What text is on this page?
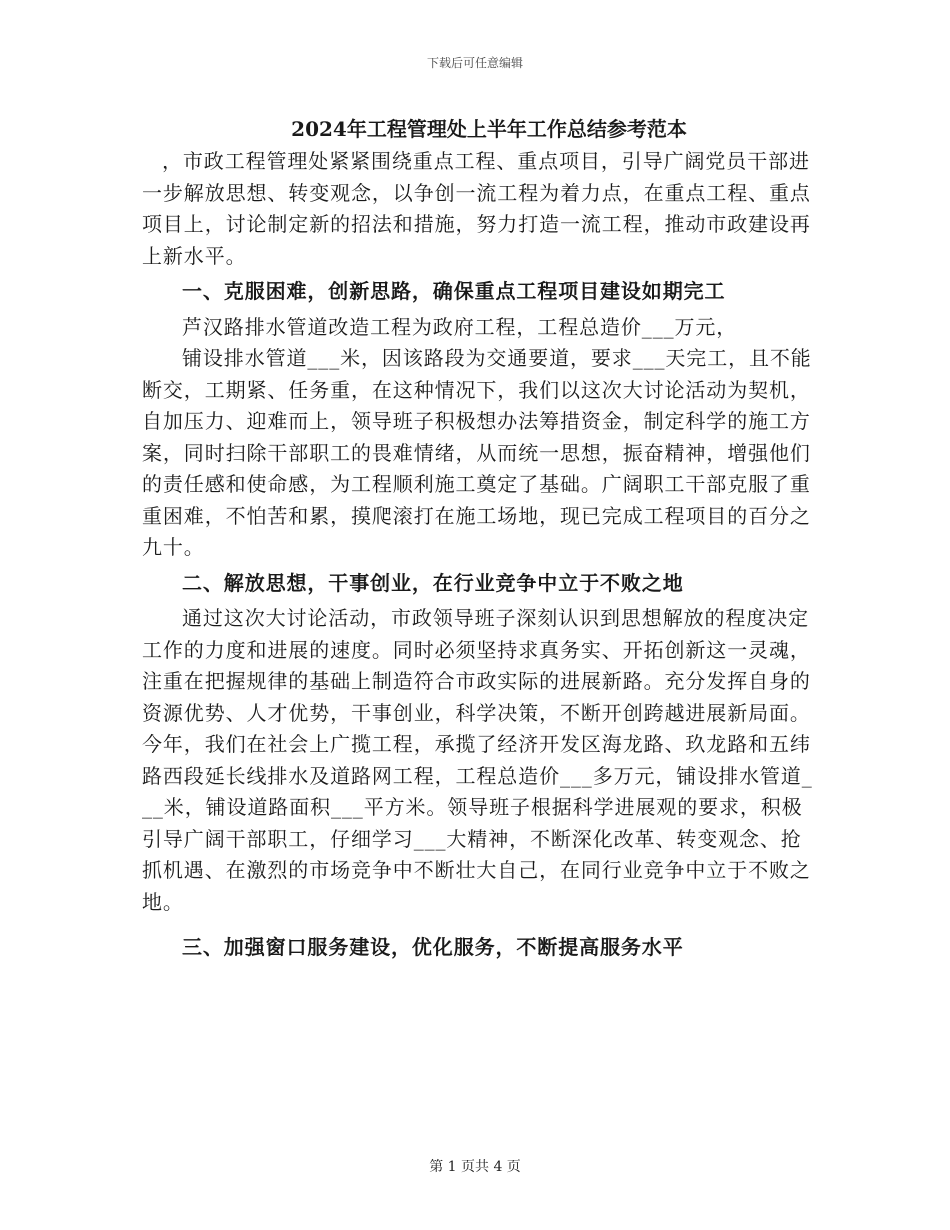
下载后可任意编辑
2024年工程管理处上半年工作总结参考范本

，市政工程管理处紧紧围绕重点工程、重点项目，引导广阔党员干部进一步解放思想、转变观念，以争创一流工程为着力点，在重点工程、重点项目上，讨论制定新的招法和措施，努力打造一流工程，推动市政建设再上新水平。

一、克服困难，创新思路，确保重点工程项目建设如期完工

芦汉路排水管道改造工程为政府工程，工程总造价___万元，

铺设排水管道___米，因该路段为交通要道，要求___天完工，且不能断交，工期紧、任务重，在这种情况下，我们以这次大讨论活动为契机，自加压力、迎难而上，领导班子积极想办法筹措资金，制定科学的施工方案，同时扫除干部职工的畏难情绪，从而统一思想，振奋精神，增强他们的责任感和使命感，为工程顺利施工奠定了基础。广阔职工干部克服了重重困难，不怕苦和累，摸爬滚打在施工场地，现已完成工程项目的百分之九十。

二、解放思想，干事创业，在行业竞争中立于不败之地

通过这次大讨论活动，市政领导班子深刻认识到思想解放的程度决定工作的力度和进展的速度。同时必须坚持求真务实、开拓创新这一灵魂，注重在把握规律的基础上制造符合市政实际的进展新路。充分发挥自身的资源优势、人才优势，干事创业，科学决策，不断开创跨越进展新局面。今年，我们在社会上广揽工程，承揽了经济开发区海龙路、玖龙路和五纬路西段延长线排水及道路网工程，工程总造价___多万元，铺设排水管道___米，铺设道路面积___平方米。领导班子根据科学进展观的要求，积极引导广阔干部职工，仔细学习___大精神，不断深化改革、转变观念、抢抓机遇、在激烈的市场竞争中不断壮大自己，在同行业竞争中立于不败之地。

三、加强窗口服务建设，优化服务，不断提高服务水平
第 1 页共 4 页
